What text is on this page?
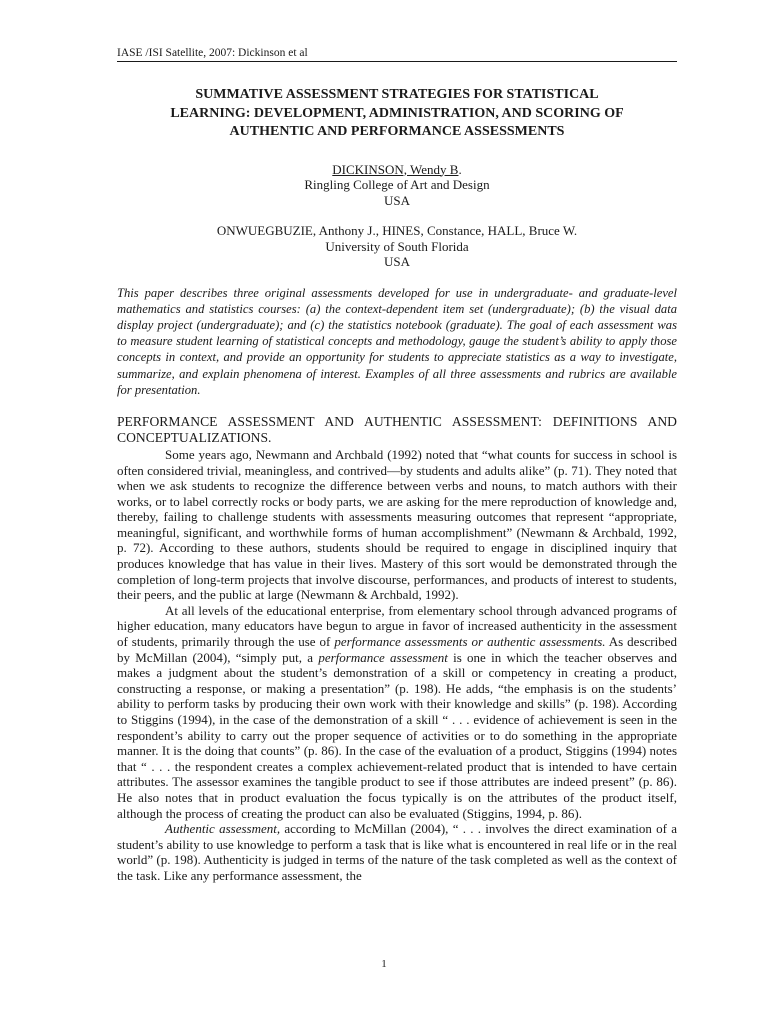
IASE /ISI Satellite, 2007: Dickinson et al
SUMMATIVE ASSESSMENT STRATEGIES FOR STATISTICAL
LEARNING: DEVELOPMENT, ADMINISTRATION, AND SCORING OF
AUTHENTIC AND PERFORMANCE ASSESSMENTS
DICKINSON, Wendy B.
Ringling College of Art and Design
USA
ONWUEGBUZIE, Anthony J., HINES, Constance, HALL, Bruce W.
University of South Florida
USA

This paper describes three original assessments developed for use in undergraduate- and graduate-level mathematics and statistics courses: (a) the context-dependent item set (undergraduate); (b) the visual data display project (undergraduate); and (c) the statistics notebook (graduate). The goal of each assessment was to measure student learning of statistical concepts and methodology, gauge the student’s ability to apply those concepts in context, and provide an opportunity for students to appreciate statistics as a way to investigate, summarize, and explain phenomena of interest. Examples of all three assessments and rubrics are available for presentation.

PERFORMANCE ASSESSMENT AND AUTHENTIC ASSESSMENT: DEFINITIONS AND CONCEPTUALIZATIONS.

Some years ago, Newmann and Archbald (1992) noted that “what counts for success in school is often considered trivial, meaningless, and contrived—by students and adults alike” (p. 71). They noted that when we ask students to recognize the difference between verbs and nouns, to match authors with their works, or to label correctly rocks or body parts, we are asking for the mere reproduction of knowledge and, thereby, failing to challenge students with assessments measuring outcomes that represent “appropriate, meaningful, significant, and worthwhile forms of human accomplishment” (Newmann & Archbald, 1992, p. 72). According to these authors, students should be required to engage in disciplined inquiry that produces knowledge that has value in their lives. Mastery of this sort would be demonstrated through the completion of long-term projects that involve discourse, performances, and products of interest to students, their peers, and the public at large (Newmann & Archbald, 1992).

At all levels of the educational enterprise, from elementary school through advanced programs of higher education, many educators have begun to argue in favor of increased authenticity in the assessment of students, primarily through the use of performance assessments or authentic assessments. As described by McMillan (2004), “simply put, a performance assessment is one in which the teacher observes and makes a judgment about the student’s demonstration of a skill or competency in creating a product, constructing a response, or making a presentation” (p. 198). He adds, “the emphasis is on the students’ ability to perform tasks by producing their own work with their knowledge and skills” (p. 198). According to Stiggins (1994), in the case of the demonstration of a skill “ . . . evidence of achievement is seen in the respondent’s ability to carry out the proper sequence of activities or to do something in the appropriate manner. It is the doing that counts” (p. 86). In the case of the evaluation of a product, Stiggins (1994) notes that “ . . . the respondent creates a complex achievement-related product that is intended to have certain attributes. The assessor examines the tangible product to see if those attributes are indeed present” (p. 86). He also notes that in product evaluation the focus typically is on the attributes of the product itself, although the process of creating the product can also be evaluated (Stiggins, 1994, p. 86).

Authentic assessment, according to McMillan (2004), “ . . . involves the direct examination of a student’s ability to use knowledge to perform a task that is like what is encountered in real life or in the real world” (p. 198). Authenticity is judged in terms of the nature of the task completed as well as the context of the task. Like any performance assessment, the

1
